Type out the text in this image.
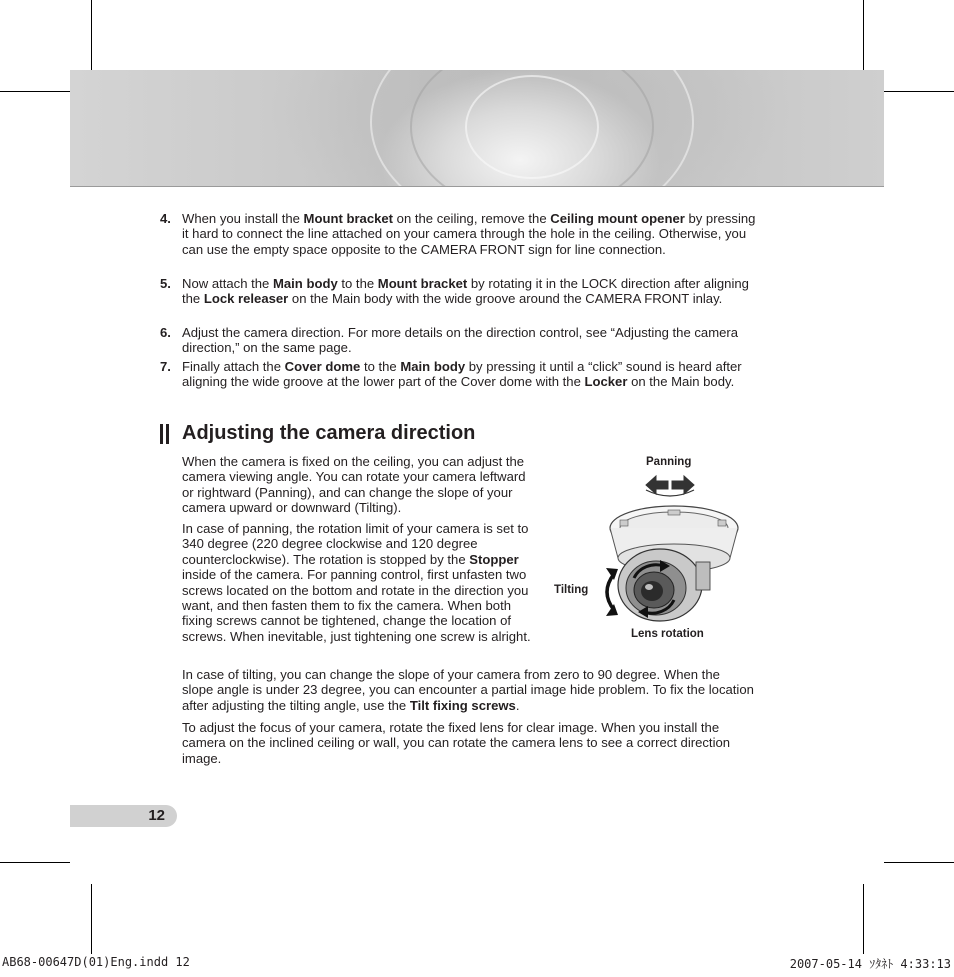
4. When you install the Mount bracket on the ceiling, remove the Ceiling mount opener by pressing it hard to connect the line attached on your camera through the hole in the ceiling. Otherwise, you can use the empty space opposite to the CAMERA FRONT sign for line connection.
5. Now attach the Main body to the Mount bracket by rotating it in the LOCK direction after aligning the Lock releaser on the Main body with the wide groove around the CAMERA FRONT inlay.
6. Adjust the camera direction. For more details on the direction control, see “Adjusting the camera direction,” on the same page.
7. Finally attach the Cover dome to the Main body by pressing it until a “click” sound is heard after aligning the wide groove at the lower part of the Cover dome with the Locker on the Main body.
Adjusting the camera direction
When the camera is fixed on the ceiling, you can adjust the camera viewing angle. You can rotate your camera leftward or rightward (Panning), and can change the slope of your camera upward or downward (Tilting).
In case of panning, the rotation limit of your camera is set to 340 degree (220 degree clockwise and 120 degree counterclockwise). The rotation is stopped by the Stopper inside of the camera. For panning control, first unfasten two screws located on the bottom and rotate in the direction you want, and then fasten them to fix the camera. When both fixing screws cannot be tightened, change the location of screws. When inevitable, just tightening one screw is alright.
In case of tilting, you can change the slope of your camera from zero to 90 degree. When the slope angle is under 23 degree, you can encounter a partial image hide problem. To fix the location after adjusting the tilting angle, use the Tilt fixing screws.
To adjust the focus of your camera, rotate the fixed lens for clear image. When you install the camera on the inclined ceiling or wall, you can rotate the camera lens to see a correct direction image.
Panning
Tilting
Lens rotation
12
AB68-00647D(01)Eng.indd 12	2007-05-14 ｿﾀﾈﾄ 4:33:13
